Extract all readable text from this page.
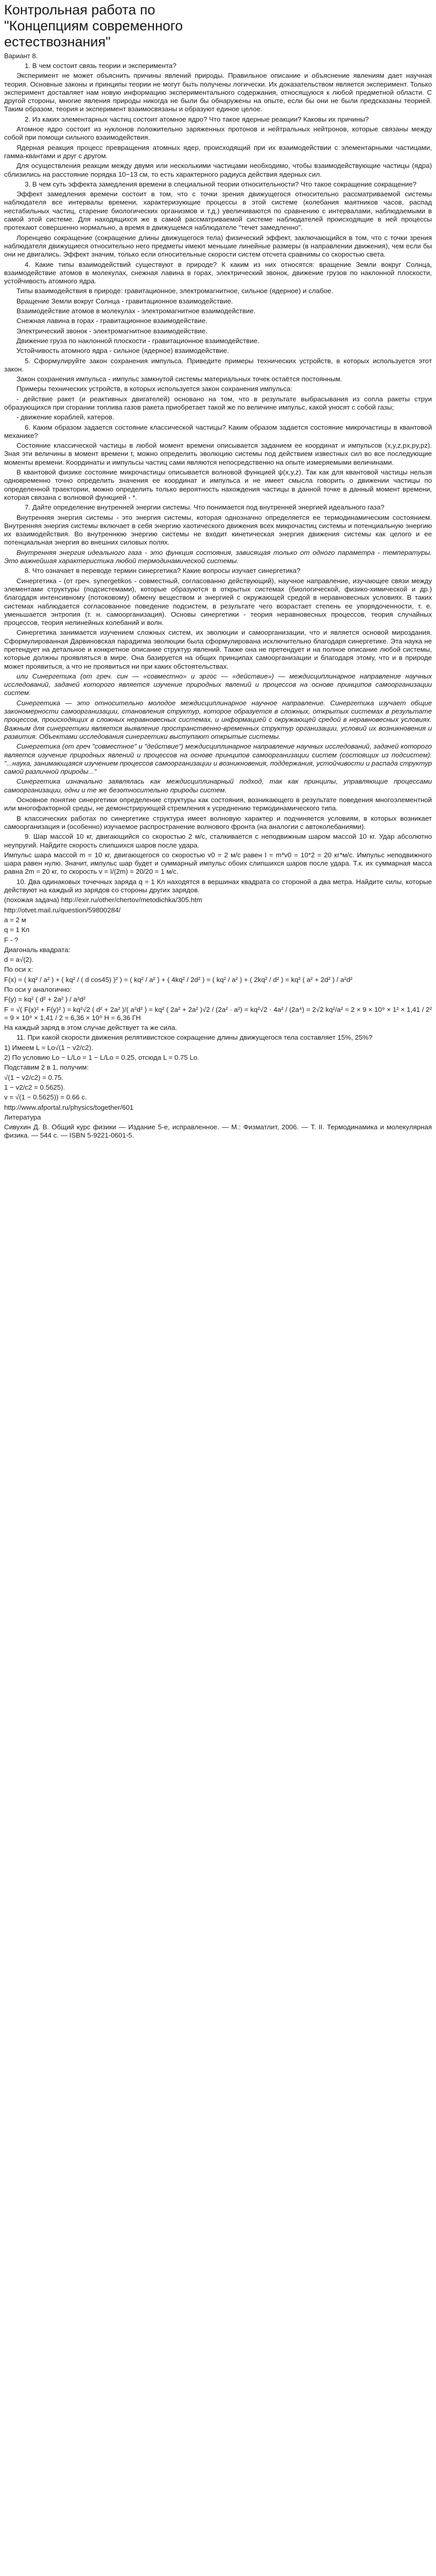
Контрольная работа по "Концепциям современного естествознания"
Вариант 8.
1. В чем состоит связь теории и эксперимента?
Эксперимент не может объяснить причины явлений природы. Правильное описание и объяснение явлениям дает научная теория. Основные законы и принципы теории не могут быть получены логически. Их доказательством является эксперимент. Только эксперимент доставляет нам новую информацию экспериментального содержания, относящуюся к любой предметной области. С другой стороны, многие явления природы никогда не были бы обнаружены на опыте, если бы они не были предсказаны теорией. Таким образом, теория и эксперимент взаимосвязаны и образуют единое целое.
2. Из каких элементарных частиц состоит атомное ядро? Что такое ядерные реакции? Каковы их причины?
Атомное ядро состоит из нуклонов положительно заряженных протонов и нейтральных нейтронов, которые связаны между собой при помощи сильного взаимодействия.
Ядерная реакция процесс превращения атомных ядер, происходящий при их взаимодействии с элементарными частицами, гамма-квантами и друг с другом.
Для осуществления реакции между двумя или несколькими частицами необходимо, чтобы взаимодействующие частицы (ядра) сблизились на расстояние порядка 10−13 см, то есть характерного радиуса действия ядерных сил.
3. В чем суть эффекта замедления времени в специальной теории относительности? Что такое сокращение сокращение?
Эффект замедления времени состоит в том, что с точки зрения движущегося относительно рассматриваемой системы наблюдателя все интервалы времени, характеризующие процессы в этой системе (колебания маятников часов, распад нестабильных частиц, старение биологических организмов и т.д.) увеличиваются по сравнению с интервалами, наблюдаемыми в самой этой системе. Для находящихся же в самой рассматриваемой системе наблюдателей происходящие в ней процессы протекают совершенно нормально, а время в движущемся наблюдателе "течет замедленно".
Лоренцево сокращение (сокращение длины движущегося тела) физический эффект, заключающийся в том, что с точки зрения наблюдателя движущиеся относительно него предметы имеют меньшие линейные размеры (в направлении движения), чем если бы они не двигались. Эффект значим, только если относительные скорости систем отсчета сравнимы со скоростью света.
4. Какие типы взаимодействий существуют в природе? К каким из них относятся: вращение Земли вокруг Солнца, взаимодействие атомов в молекулах, снежная лавина в горах, электрический звонок, движение грузов по наклонной плоскости, устойчивость атомного ядра.
Типы взаимодействия в природе: гравитационное, электромагнитное, сильное (ядерное) и слабое.
Вращение Земли вокруг Солнца - гравитационное взаимодействие.
Взаимодействие атомов в молекулах - электромагнитное взаимодействие.
Снежная лавина в горах - гравитационное взаимодействие.
Электрический звонок - электромагнитное взаимодействие.
Движение груза по наклонной плоскости - гравитационное взаимодействие.
Устойчивость атомного ядра - сильное (ядерное) взаимодействие.
5. Сформулируйте закон сохранения импульса. Приведите примеры технических устройств, в которых используется этот закон.
Закон сохранения импульса - импульс замкнутой системы материальных точек остаётся постоянным.
Примеры технических устройств, в которых используется закон сохранения импульса:
- действие ракет (и реактивных двигателей) основано на том, что в результате выбрасывания из сопла ракеты струи образующихся при сгорании топлива газов ракета приобретает такой же по величине импульс, какой уносят с собой газы;
- движение кораблей, катеров.
6. Каким образом задается состояние классической частицы? Каким образом задается состояние микрочастицы в квантовой механике?
Состояние классической частицы в любой момент времени описывается заданием ее координат и импульсов (x,y,z,px,py,pz). Зная эти величины в момент времени t, можно определить эволюцию системы под действием известных сил во все последующие моменты времени. Координаты и импульсы частиц сами являются непосредственно на опыте измеряемыми величинами.
В квантовой физике состояние микрочастицы описывается волновой функцией ψ(x,y,z). Так как для квантовой частицы нельзя одновременно точно определить значения ее координат и импульса и не имеет смысла говорить о движении частицы по определенной траектории, можно определить только вероятность нахождения частицы в данной точке в данный момент времени, которая связана с волновой функцией - *.
7. Дайте определение внутренней энергии системы. Что понимается под внутренней энергией идеального газа?
Внутренняя энергия системы - это энергия системы, которая однозначно определяется ее термодинамическим состоянием. Внутренняя энергия системы включает в себя энергию хаотического движения всех микрочастиц системы и потенциальную энергию их взаимодействия. Во внутреннюю энергию системы не входит кинетическая энергия движения системы как целого и ее потенциальная энергия во внешних силовых полях.
Внутренняя энергия идеального газа - это функция состояния, зависящая только от одного параметра - температуры. Это важнейшая характеристика любой термодинамической системы.
8. Что означает в переводе термин синергетика? Какие вопросы изучает синергетика?
Синергетика - (от греч. synergetikos - совместный, согласованно действующий), научное направление, изучающее связи между элементами структуры (подсистемами), которые образуются в открытых системах (биологической, физико-химической и др.) благодаря интенсивному (потоковому) обмену веществом и энергией с окружающей средой в неравновесных условиях. В таких системах наблюдается согласованное поведение подсистем, в результате чего возрастает степень ее упорядоченности, т. е. уменьшается энтропия (т. н. самоорганизация). Основы синергетики - теория неравновесных процессов, теория случайных процессов, теория нелинейных колебаний и волн.
Синергетика занимается изучением сложных систем, их эволюции и самоорганизации, что и является основой мироздания. Сформулированная Дарвиновская парадигма эволюции была сформулирована исключительно благодаря синергетике. Эта наука не претендует на детальное и конкретное описание структур явлений. Также она не претендует и на полное описание любой системы, которые должны проявляться в мире. Она базируется на общих принципах самоорганизации и благодаря этому, что и в природе может проявиться, а что не проявиться ни при каких обстоятельствах.
или Синергетика (от греч. син — «совместно» и эргос — «действие») — междисциплинарное направление научных исследований, задачей которого является изучение природных явлений и процессов на основе принципов самоорганизации систем.
Синергетика — это относительно молодое междисциплинарное научное направление. Синергетика изучает общие закономерности самоорганизации, становления структур, которое образуется в сложных, открытых системах в результате процессов, происходящих в сложных неравновесных системах, и информацией с окружающей средой в неравновесных условиях. Важным для синергетики является выявление пространственно-временных структур организации, условий их возникновения и развития. Объектами исследования синергетики выступают открытые системы.
Синергетика (от греч "совместное" и "действие") междисциплинарное направление научных исследований, задачей которого является изучение природных явлений и процессов на основе принципов самоорганизации систем (состоящих из подсистем). "...наука, занимающаяся изучением процессов самоорганизации и возникновения, поддержания, устойчивости и распада структур самой различной природы..."
Синергетика изначально заявлялась как междисциплинарный подход, так как принципы, управляющие процессами самоорганизации, одни и те же безотносительно природы систем.
Основное понятие синергетики определение структуры как состояния, возникающего в результате поведения многоэлементной или многофакторной среды, не демонстрирующей стремления к усреднению термодинамического типа.
В классических работах по синергетике структура имеет волновую характер и подчиняется условиям, в которых возникает самоорганизация и (особенно) изучаемое распространение волнового фронта (на аналогии с автоколебаниями).
9. Шар массой 10 кг, двигающийся со скоростью 2 м/с, сталкивается с неподвижным шаром массой 10 кг. Удар абсолютно неупругий. Найдите скорость слипшихся шаров после удара.
Импульс шара массой m = 10 кг, двигающегося со скоростью v0 = 2 м/с равен Ι = m*v0 = 10*2 = 20 кг*м/с. Импульс неподвижного шара равен нулю. Значит, импульс шар будет и суммарный импульс обоих слипшихся шаров после удара. Т.к. их суммарная масса равна 2m = 20 кг, то скорость v = Ι/(2m) = 20/20 = 1 м/с.
10. Два одинаковых точечных заряда q = 1 Кл находятся в вершинах квадрата со стороной а два метра. Найдите силы, которые действуют на каждый из зарядов со стороны других зарядов.
(похожая задача) http://exir.ru/other/chertov/metodichka/305.htm
http://otvet.mail.ru/question/59800284/
а = 2 м
q = 1 Кл
F - ?
Диагональ квадрата:
d = a√(2).
По оси x:
F(x) = ( kq² / a² ) + ( kq² / ( d cos45) )² ) = ( kq² / a² ) + ( 4kq² / 2d² ) = ( kq² / a² ) + ( 2kq² / d² ) = kq² ( a² + 2d² ) / a²d²
По оси у аналогично:
F(y) = kq² ( d² + 2a² ) / a²d²
F = √( F(x)² + F(y)² ) = kq²√2 ( d² + 2a² )/( a²d² ) = kq² ( 2a² + 2a² )√2 / (2a² · a²) = kq²√2 · 4a² / (2a⁴) = 2√2 kq²/a² = 2 × 9 × 10⁹ × 1² × 1,41 / 2² = 9 × 10⁹ × 1,41 / 2 = 6,36 × 10⁹ Н = 6,36 ГН
На каждый заряд в этом случае действует та же сила.
11. При какой скорости движения релятивистское сокращение длины движущегося тела составляет 15%, 25%?
1) Имеем L = Lo√(1 − v2/c2).
2) По условию Lo − L/Lo = 1 − L/Lo = 0.25, отсюда L = 0.75 Lo.
Подставим 2 в 1, получим:
√(1 − v2/c2) = 0.75.
1 − v2/c2 = 0.5625).
v = √(1 − 0.5625)) = 0.66 c.
http://www.afportal.ru/physics/together/601
Литература
Сивухин Д. В. Общий курс физики — Издание 5-е, исправленное. — М.: Физматлит, 2006. — Т. II. Термодинамика и молекулярная физика. — 544 с. — ISBN 5-9221-0601-5.
